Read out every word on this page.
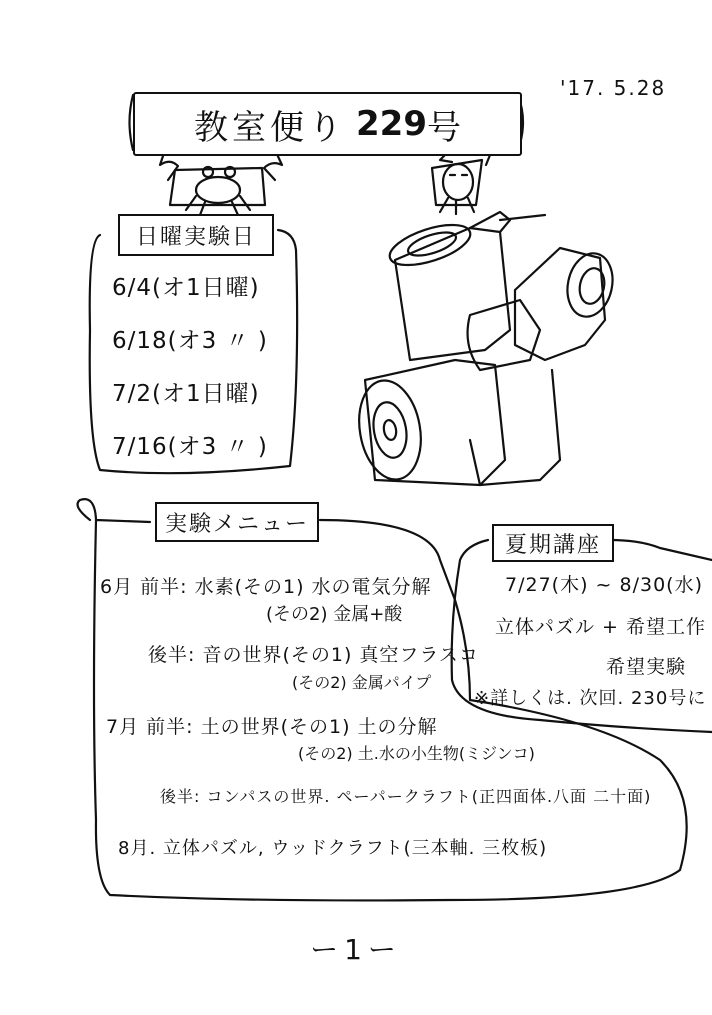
'17. 5.28
教室便り 229 号
日曜実験日
6/4(オ1日曜)
6/18(オ3 〃 )
7/2(オ1日曜)
7/16(オ3 〃 )
実験メニュー
6月 前半: 水素(その1) 水の電気分解
(その2) 金属+酸
後半: 音の世界(その1) 真空フラスコ
(その2) 金属パイプ
7月 前半: 土の世界(その1) 土の分解
(その2) 土.水の小生物(ミジンコ)
後半: コンパスの世界. ペーパークラフト(正四面体.八面 二十面)
8月. 立体パズル, ウッドクラフト(三本軸. 三枚板)
夏期講座
7/27(木) ~ 8/30(水)
立体パズル + 希望工作
希望実験
※詳しくは. 次回. 230号に
ー1ー
